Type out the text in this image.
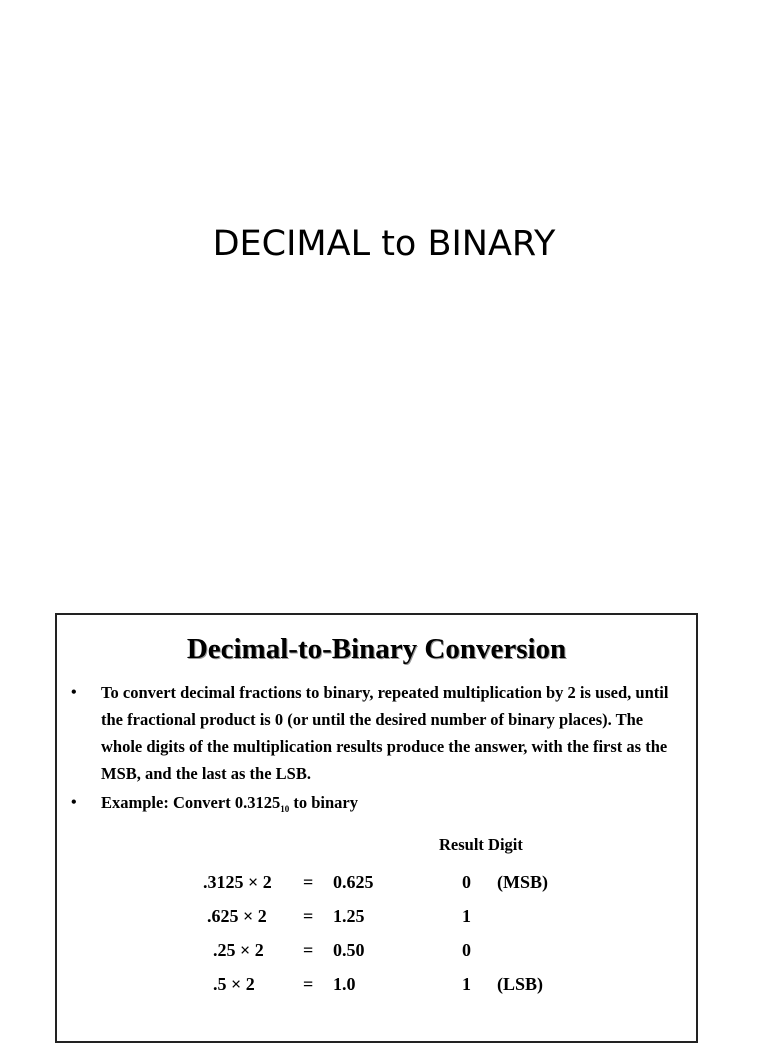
DECIMAL to BINARY
Decimal-to-Binary Conversion
• To convert decimal fractions to binary, repeated multiplication by 2 is used, until the fractional product is 0 (or until the desired number of binary places). The whole digits of the multiplication results produce the answer, with the first as the MSB, and the last as the LSB.
• Example: Convert $0.3125_{10}$ to binary
Result Digit
.3125 × 2 = 0.625	0 (MSB)
.625 × 2 = 1.25	1
.25 × 2 = 0.50	0
.5 × 2	= 1.0	1 (LSB)
